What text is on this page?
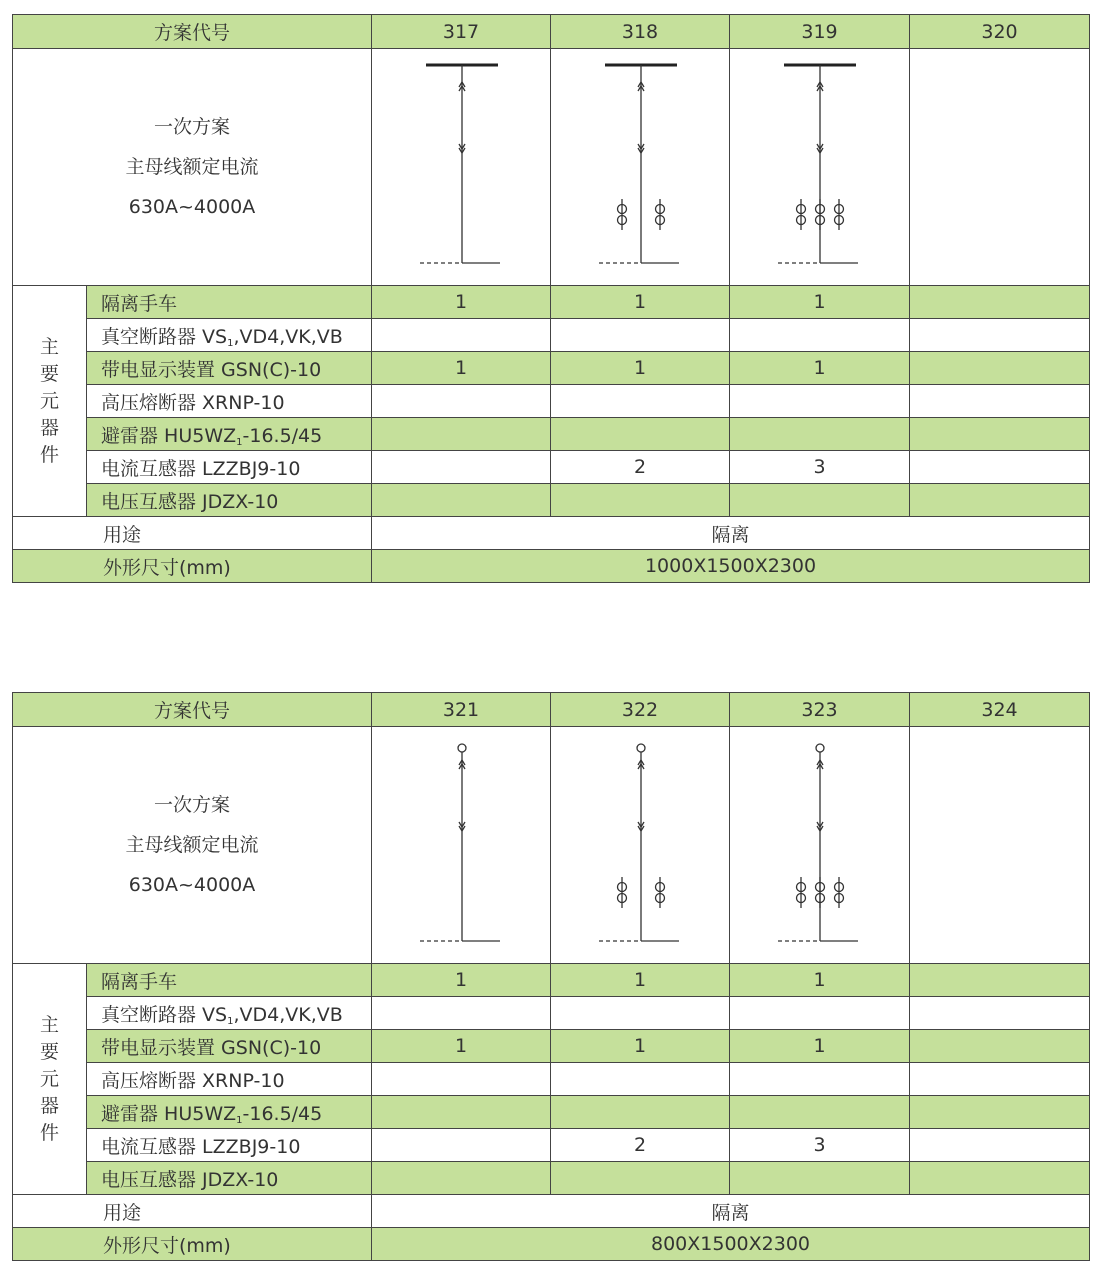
方案代号		317	318	319	320

一次方案
主母线额定电流
630A~4000A

主
要
元
器
件	隔离手车	1	1	1	
	真空断路器 $VS_1,VD4,VK,VB$				
	带电显示装置 GSN(C)-10	1	1	1	
	高压熔断器 XRNP-10				
	避雷器 $HU5WZ_1-16.5/45$				
	电流互感器 LZZBJ9-10		2	3	
	电压互感器 JDZX-10				
用途		隔离			
外形尺寸(mm)		1000X1500X2300			
方案代号		321	322	323	324

一次方案
主母线额定电流
630A~4000A

主
要
元
器
件	隔离手车	1	1	1	
	真空断路器 $VS_1,VD4,VK,VB$				
	带电显示装置 GSN(C)-10	1	1	1	
	高压熔断器 XRNP-10				
	避雷器 $HU5WZ_1-16.5/45$				
	电流互感器 LZZBJ9-10		2	3	
	电压互感器 JDZX-10				
用途		隔离			
外形尺寸(mm)		800X1500X2300			
